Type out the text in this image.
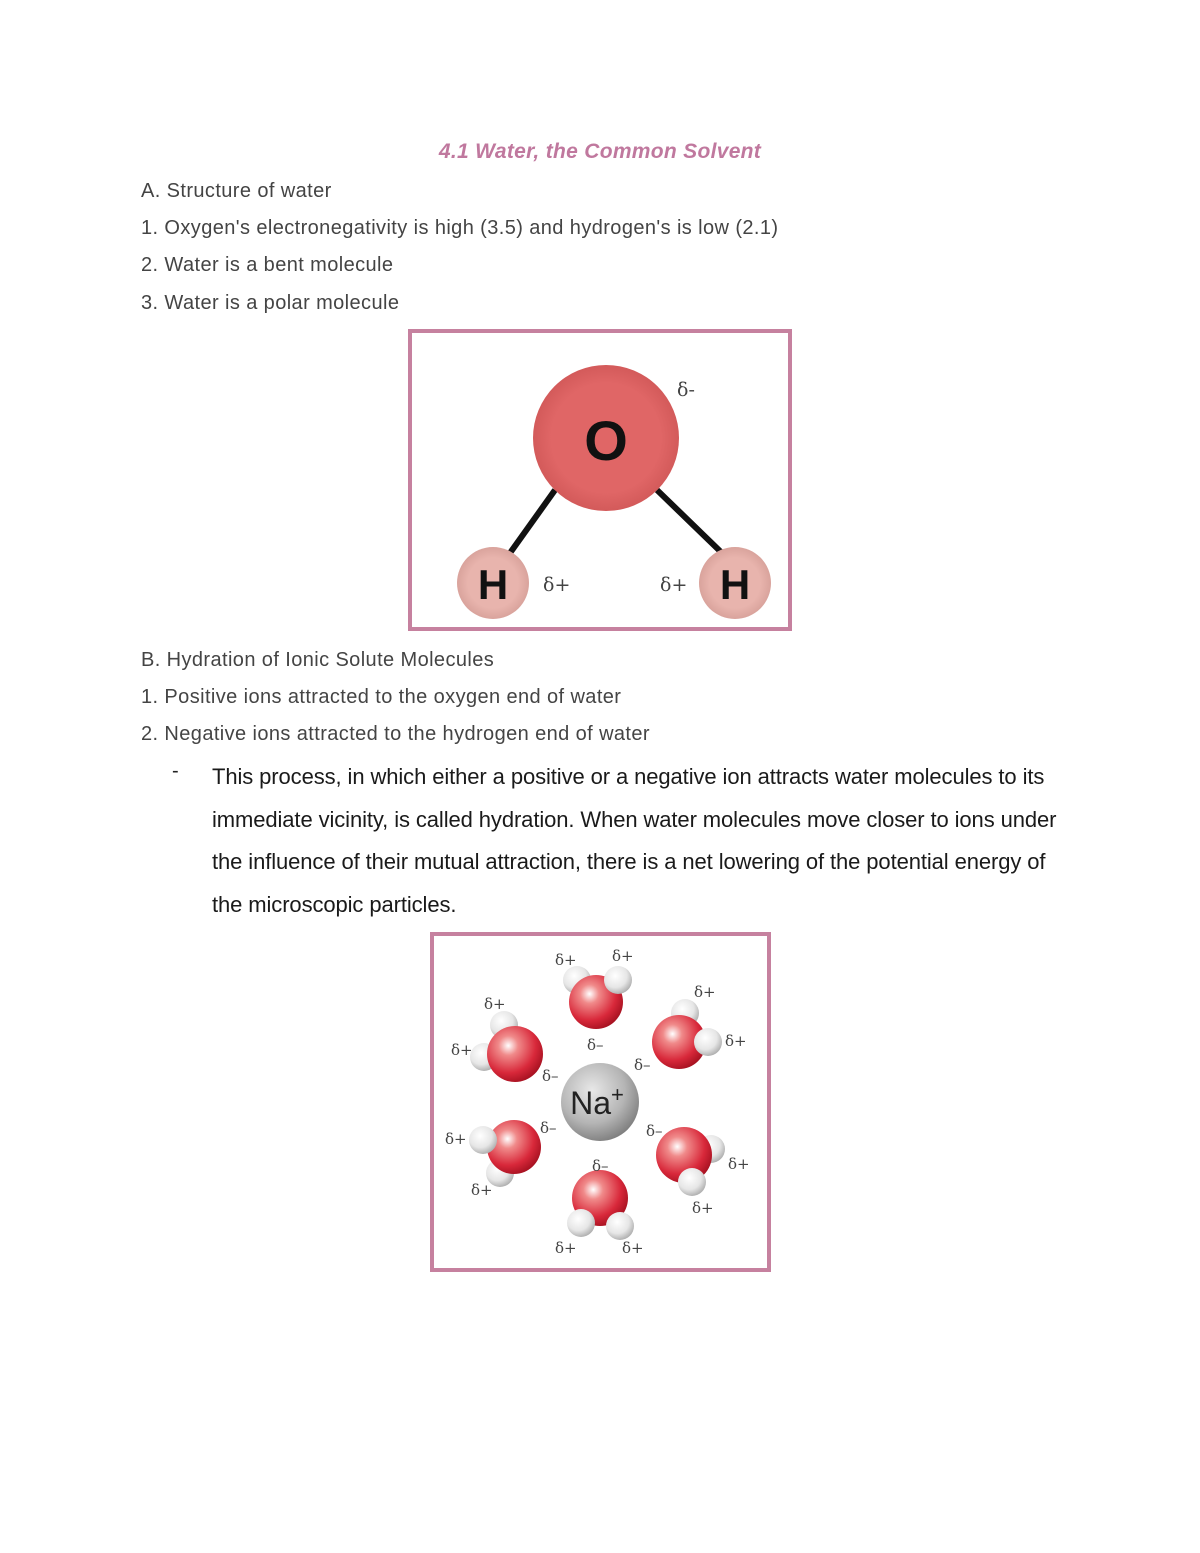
4.1 Water, the Common Solvent
A. Structure of water
1. Oxygen's electronegativity is high (3.5) and hydrogen's is low (2.1)
2. Water is a bent molecule
3. Water is a polar molecule
O
H	H
δ-
δ+	δ+
B. Hydration of Ionic Solute Molecules
1. Positive ions attracted to the oxygen end of water
2. Negative ions attracted to the hydrogen end of water
- This process, in which either a positive or a negative ion attracts water molecules to its immediate vicinity, is called hydration. When water molecules move closer to ions under the influence of their mutual attraction, there is a net lowering of the potential energy of the microscopic particles.
Na+
δ+ δ+
δ–
δ+
δ+
δ–
δ+
δ+
δ–
δ+
δ+
δ–
δ+
δ+
δ–
δ+	δ+
δ–
